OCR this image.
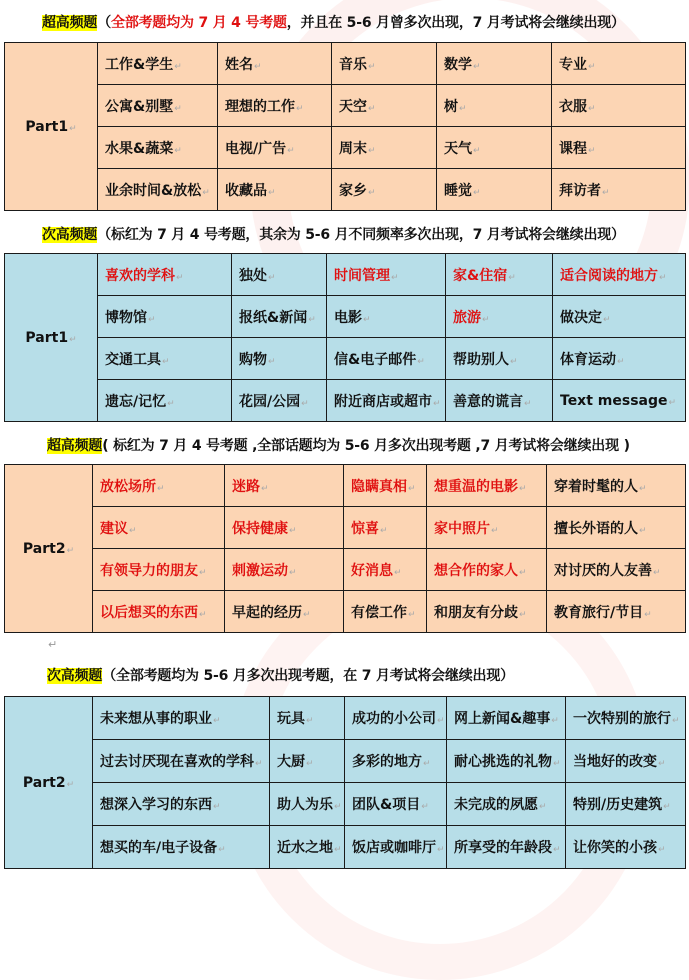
超高频题（全部考题均为 7 月 4 号考题，并且在 5-6 月曾多次出现，7 月考试将会继续出现）
Part1 ↵	工作&学生 ↵	姓名 ↵	音乐 ↵	数学 ↵	专业 ↵
	公寓&别墅 ↵	理想的工作 ↵	天空 ↵	树 ↵	衣服 ↵
	水果&蔬菜 ↵	电视/广告 ↵	周末 ↵	天气 ↵	课程 ↵
	业余时间&放松 ↵	收藏品 ↵	家乡 ↵	睡觉 ↵	拜访者 ↵
次高频题（标红为 7 月 4 号考题，其余为 5-6 月不同频率多次出现，7 月考试将会继续出现）
Part1 ↵	喜欢的学科 ↵	独处 ↵	时间管理 ↵	家&住宿 ↵	适合阅读的地方 ↵
	博物馆 ↵	报纸&新闻 ↵	电影 ↵	旅游 ↵	做决定 ↵
	交通工具 ↵	购物 ↵	信&电子邮件 ↵	帮助别人 ↵	体育运动 ↵
	遗忘/记忆 ↵	花园/公园 ↵	附近商店或超市 ↵	善意的谎言 ↵	Text message ↵
超高频题( 标红为 7 月 4 号考题 ,全部话题均为 5-6 月多次出现考题 ,7 月考试将会继续出现 )
Part2 ↵	放松场所 ↵	迷路 ↵	隐瞒真相 ↵	想重温的电影 ↵	穿着时髦的人 ↵
	建议 ↵	保持健康 ↵	惊喜 ↵	家中照片 ↵	擅长外语的人 ↵
	有领导力的朋友 ↵	刺激运动 ↵	好消息 ↵	想合作的家人 ↵	对讨厌的人友善 ↵
	以后想买的东西 ↵	早起的经历 ↵	有偿工作 ↵	和朋友有分歧 ↵	教育旅行/节目 ↵
↵
次高频题（全部考题均为 5-6 月多次出现考题，在 7 月考试将会继续出现）
Part2 ↵	未来想从事的职业 ↵	玩具 ↵	成功的小公司 ↵	网上新闻&趣事 ↵	一次特别的旅行 ↵
	过去讨厌现在喜欢的学科 ↵	大厨 ↵	多彩的地方 ↵	耐心挑选的礼物 ↵	当地好的改变 ↵
	想深入学习的东西 ↵	助人为乐 ↵	团队&项目 ↵	未完成的夙愿 ↵	特别/历史建筑 ↵
	想买的车/电子设备 ↵	近水之地 ↵	饭店或咖啡厅 ↵	所享受的年龄段 ↵	让你笑的小孩 ↵
